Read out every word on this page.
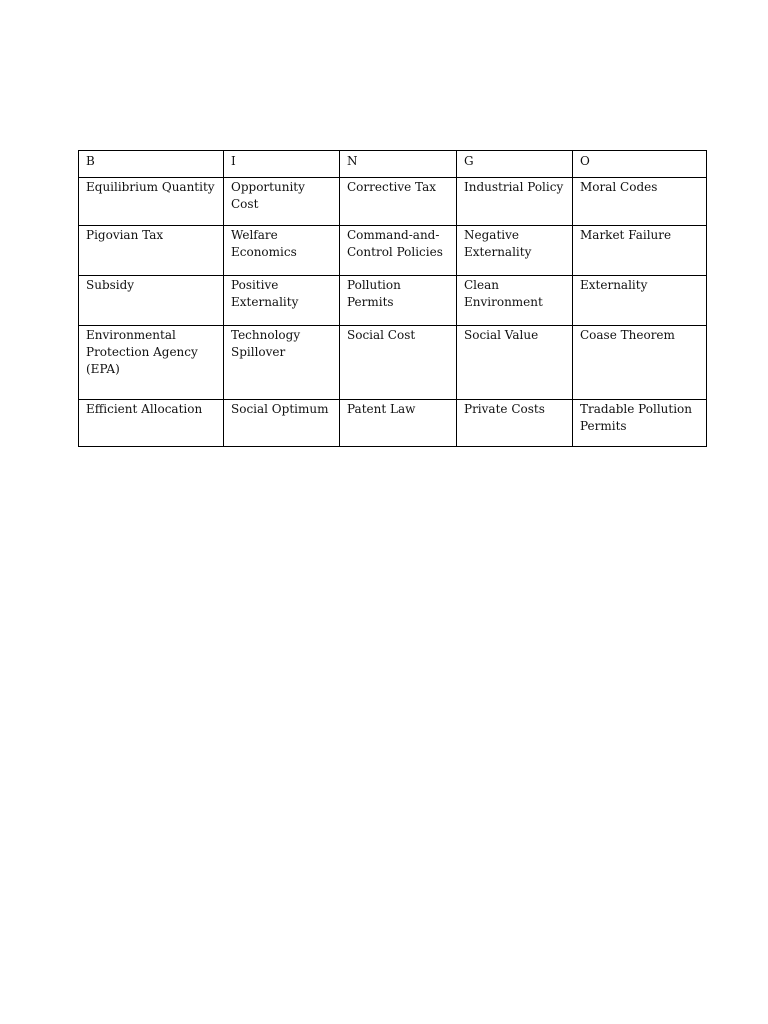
B	I	N	G	O
Equilibrium Quantity	Opportunity Cost	Corrective Tax	Industrial Policy	Moral Codes
Pigovian Tax	Welfare Economics	Command-and-Control Policies	Negative Externality	Market Failure
Subsidy	Positive Externality	Pollution Permits	Clean Environment	Externality
Environmental Protection Agency (EPA)	Technology Spillover	Social Cost	Social Value	Coase Theorem
Efficient Allocation	Social Optimum	Patent Law	Private Costs	Tradable Pollution Permits
